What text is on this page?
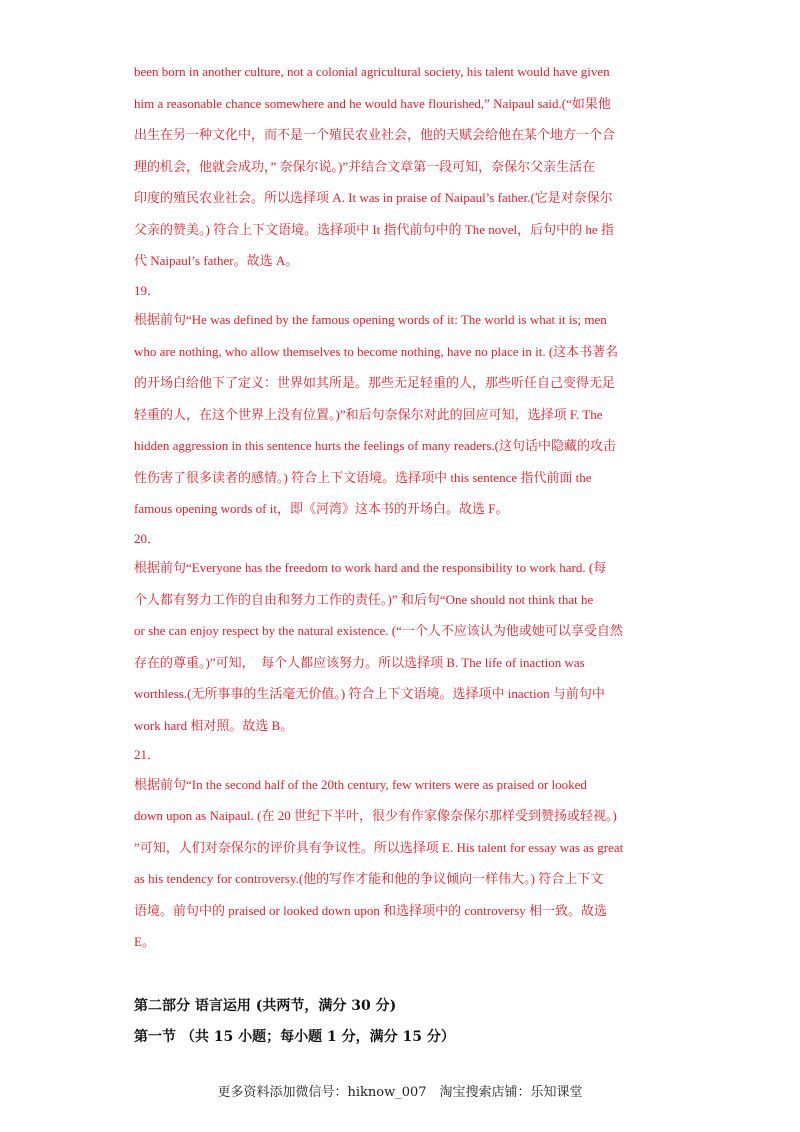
been born in another culture, not a colonial agricultural society, his talent would have given
him a reasonable chance somewhere and he would have flourished,” Naipaul said.(“如果他
出生在另一种文化中，而不是一个殖民农业社会，他的天赋会给他在某个地方一个合
理的机会，他就会成功，” 奈保尔说。)”并结合文章第一段可知，奈保尔父亲生活在
印度的殖民农业社会。所以选择项 A. It was in praise of Naipaul’s father.(它是对奈保尔
父亲的赞美。) 符合上下文语境。选择项中 It 指代前句中的 The novel，后句中的 he 指
代 Naipaul’s father。故选 A。
19．
根据前句“He was defined by the famous opening words of it: The world is what it is; men
who are nothing, who allow themselves to become nothing, have no place in it. (这本书著名
的开场白给他下了定义：世界如其所是。那些无足轻重的人，那些听任自己变得无足
轻重的人，在这个世界上没有位置。)”和后句奈保尔对此的回应可知，选择项 F. The
hidden aggression in this sentence hurts the feelings of many readers.(这句话中隐藏的攻击
性伤害了很多读者的感情。) 符合上下文语境。选择项中 this sentence 指代前面 the
famous opening words of it，即《河湾》这本书的开场白。故选 F。
20．
根据前句“Everyone has the freedom to work hard and the responsibility to work hard. (每
个人都有努力工作的自由和努力工作的责任。)” 和后句“One should not think that he
or she can enjoy respect by the natural existence. (“一个人不应该认为他或她可以享受自然
存在的尊重。)”可知，　每个人都应该努力。所以选择项 B. The life of inaction was
worthless.(无所事事的生活毫无价值。) 符合上下文语境。选择项中 inaction 与前句中
work hard 相对照。故选 B。
21．
根据前句“In the second half of the 20th century, few writers were as praised or looked
down upon as Naipaul. (在 20 世纪下半叶，很少有作家像奈保尔那样受到赞扬或轻视。)
”可知，人们对奈保尔的评价具有争议性。所以选择项 E. His talent for essay was as great
as his tendency for controversy.(他的写作才能和他的争议倾向一样伟大。) 符合上下文
语境。前句中的 praised or looked down upon 和选择项中的 controversy 相一致。故选
E。
第二部分 语言运用 (共两节，满分 30 分)
第一节 （共 15 小题；每小题 1 分，满分 15 分）
更多资料添加微信号：hiknow_007　淘宝搜索店铺：乐知课堂
